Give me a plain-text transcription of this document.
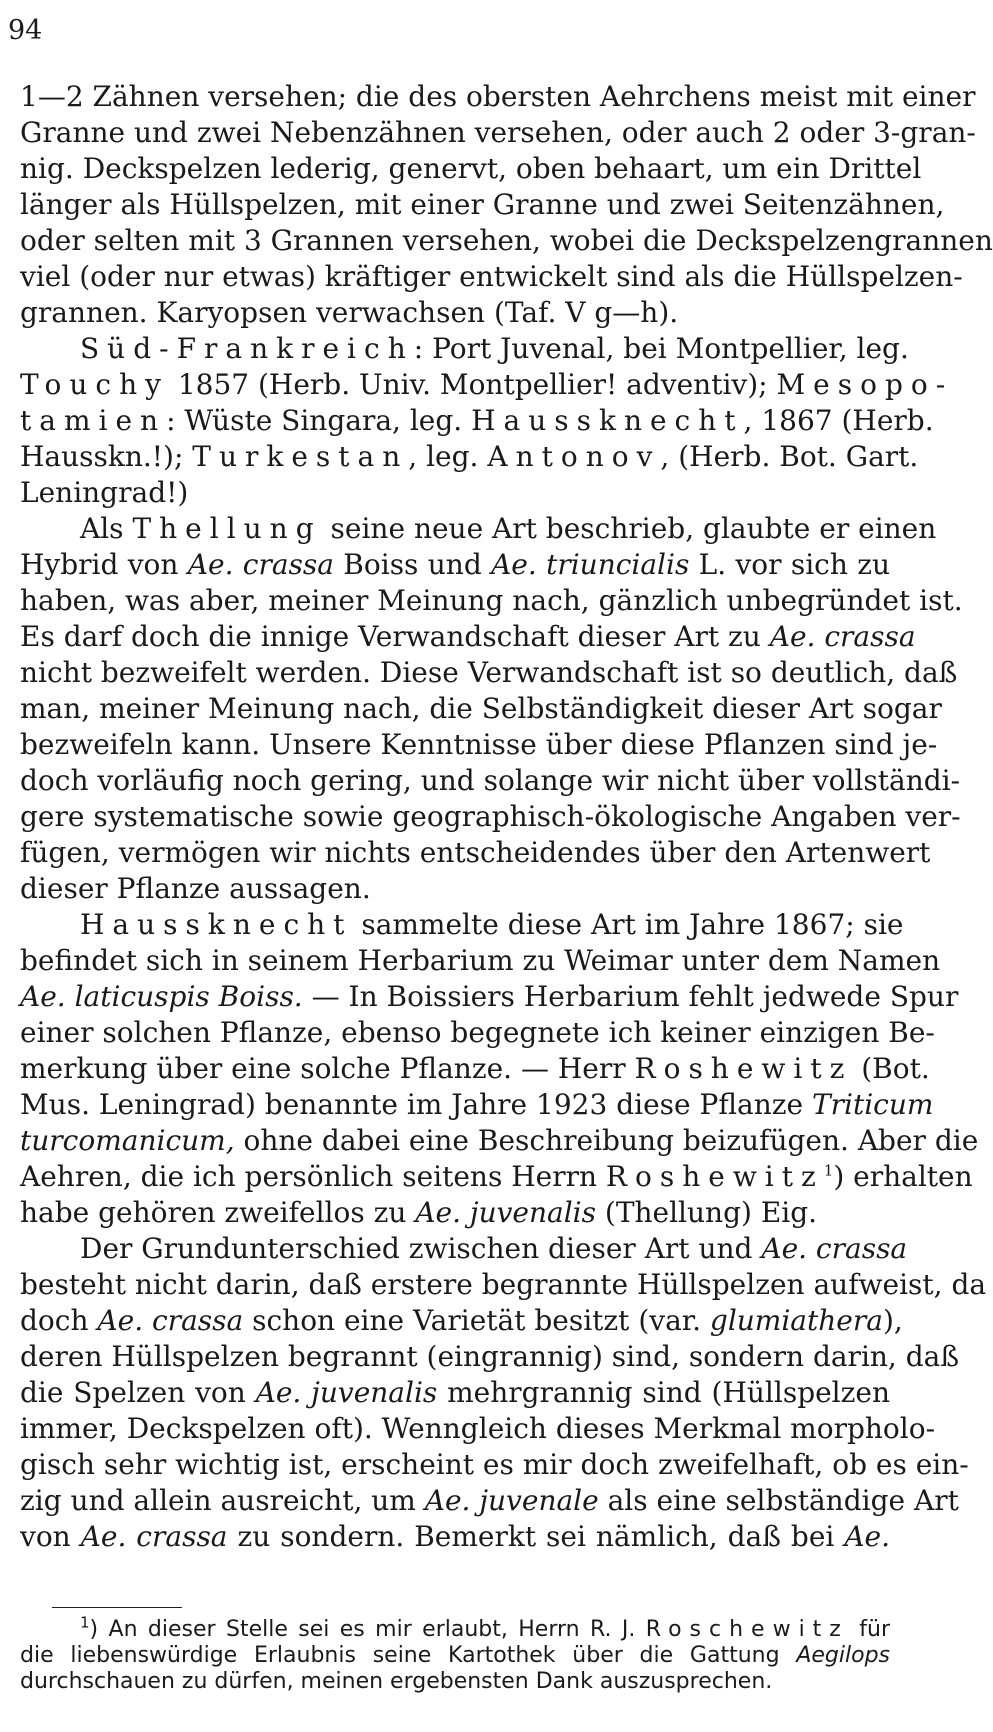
94
1—2 Zähnen versehen; die des obersten Aehrchens meist mit einer
Granne und zwei Nebenzähnen versehen, oder auch 2 oder 3-gran-
nig. Deckspelzen lederig, genervt, oben behaart, um ein Drittel
länger als Hüllspelzen, mit einer Granne und zwei Seitenzähnen,
oder selten mit 3 Grannen versehen, wobei die Deckspelzengrannen
viel (oder nur etwas) kräftiger entwickelt sind als die Hüllspelzen-
grannen. Karyopsen verwachsen (Taf. V g—h).
Süd-Frankreich: Port Juvenal, bei Montpellier, leg.
Touchy 1857 (Herb. Univ. Montpellier! adventiv); Mesopo-
tamien: Wüste Singara, leg. Haussknecht, 1867 (Herb.
Hausskn.!); Turkestan, leg. Antonov, (Herb. Bot. Gart.
Leningrad!)
Als Thellung seine neue Art beschrieb, glaubte er einen
Hybrid von Ae. crassa Boiss und Ae. triuncialis L. vor sich zu
haben, was aber, meiner Meinung nach, gänzlich unbegründet ist.
Es darf doch die innige Verwandschaft dieser Art zu Ae. crassa
nicht bezweifelt werden. Diese Verwandschaft ist so deutlich, daß
man, meiner Meinung nach, die Selbständigkeit dieser Art sogar
bezweifeln kann. Unsere Kenntnisse über diese Pflanzen sind je-
doch vorläufig noch gering, und solange wir nicht über vollständi-
gere systematische sowie geographisch-ökologische Angaben ver-
fügen, vermögen wir nichts entscheidendes über den Artenwert
dieser Pflanze aussagen.
Haussknecht sammelte diese Art im Jahre 1867; sie
befindet sich in seinem Herbarium zu Weimar unter dem Namen
Ae. laticuspis Boiss. — In Boissiers Herbarium fehlt jedwede Spur
einer solchen Pflanze, ebenso begegnete ich keiner einzigen Be-
merkung über eine solche Pflanze. — Herr Roshewitz (Bot.
Mus. Leningrad) benannte im Jahre 1923 diese Pflanze Triticum
turcomanicum, ohne dabei eine Beschreibung beizufügen. Aber die
Aehren, die ich persönlich seitens Herrn Roshewitz$^1$) erhalten
habe gehören zweifellos zu Ae. juvenalis (Thellung) Eig.
Der Grundunterschied zwischen dieser Art und Ae. crassa
besteht nicht darin, daß erstere begrannte Hüllspelzen aufweist, da
doch Ae. crassa schon eine Varietät besitzt (var. glumiathera),
deren Hüllspelzen begrannt (eingrannig) sind, sondern darin, daß
die Spelzen von Ae. juvenalis mehrgrannig sind (Hüllspelzen
immer, Deckspelzen oft). Wenngleich dieses Merkmal morpholo-
gisch sehr wichtig ist, erscheint es mir doch zweifelhaft, ob es ein-
zig und allein ausreicht, um Ae. juvenale als eine selbständige Art
von Ae. crassa zu sondern. Bemerkt sei nämlich, daß bei Ae.
$^1$) An dieser Stelle sei es mir erlaubt, Herrn R. J. Roschewitz für
die liebenswürdige Erlaubnis seine Kartothek über die Gattung Aegilops
durchschauen zu dürfen, meinen ergebensten Dank auszusprechen.
